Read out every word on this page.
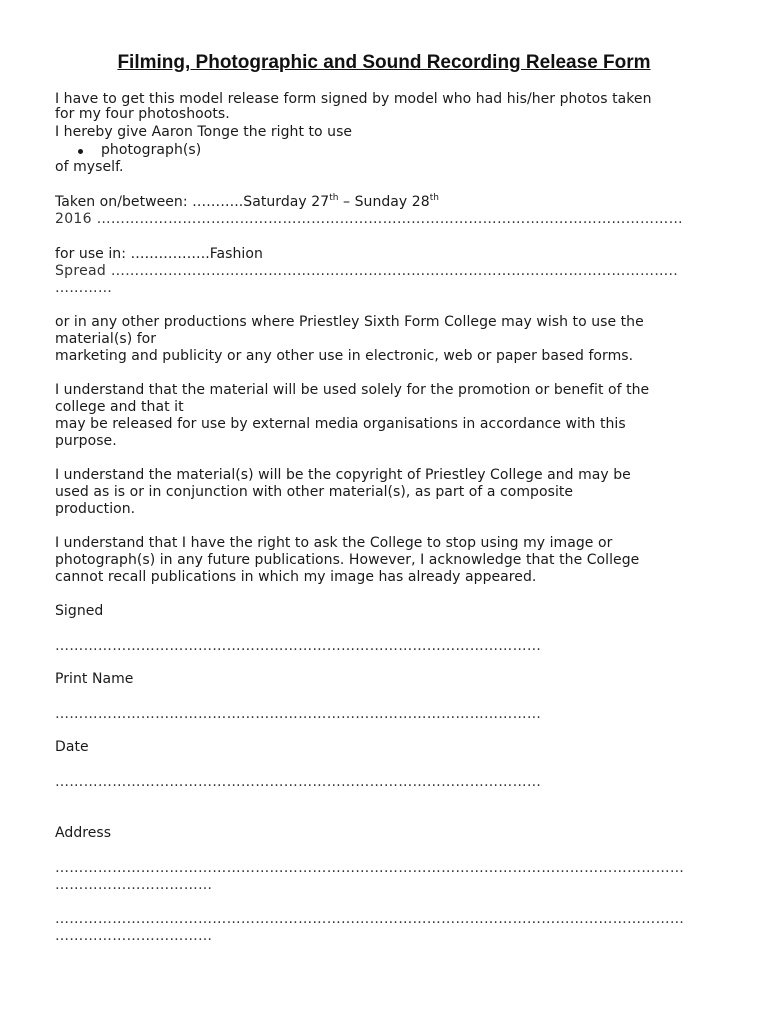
Filming, Photographic and Sound Recording Release Form
I have to get this model release form signed by model who had his/her photos taken
for my four photoshoots.
I hereby give Aaron Tonge the right to use
photograph(s)
of myself.
Taken on/between: ………..Saturday 27th – Sunday 28th
2016 ……………………………………………………………………………………………………………
for use in: ……………..Fashion
Spread ………………………………………………………………………………………………………..
…………
or in any other productions where Priestley Sixth Form College may wish to use the
material(s) for
marketing and publicity or any other use in electronic, web or paper based forms.
I understand that the material will be used solely for the promotion or benefit of the
college and that it
may be released for use by external media organisations in accordance with this
purpose.
I understand the material(s) will be the copyright of Priestley College and may be
used as is or in conjunction with other material(s), as part of a composite
production.
I understand that I have the right to ask the College to stop using my image or
photograph(s) in any future publications. However, I acknowledge that the College
cannot recall publications in which my image has already appeared.
Signed
…………………………………………………………………………………………
Print Name
…………………………………………………………………………………………
Date
…………………………………………………………………………………………
Address
……………………………………………………………………………………………………………………
……………………………
……………………………………………………………………………………………………………………
……………………………
